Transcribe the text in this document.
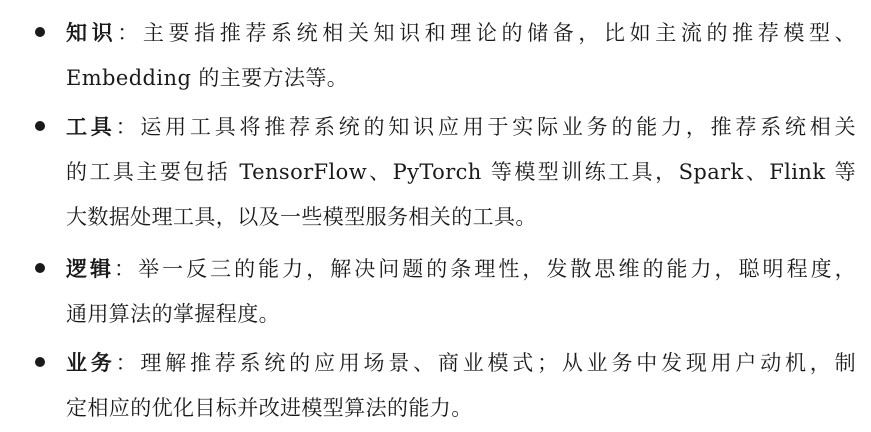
知识：主要指推荐系统相关知识和理论的储备，比如主流的推荐模型、
Embedding 的主要方法等。
工具：运用工具将推荐系统的知识应用于实际业务的能力，推荐系统相关
的工具主要包括 TensorFlow、PyTorch 等模型训练工具，Spark、Flink 等
大数据处理工具，以及一些模型服务相关的工具。
逻辑：举一反三的能力，解决问题的条理性，发散思维的能力，聪明程度，
通用算法的掌握程度。
业务：理解推荐系统的应用场景、商业模式；从业务中发现用户动机，制
定相应的优化目标并改进模型算法的能力。
